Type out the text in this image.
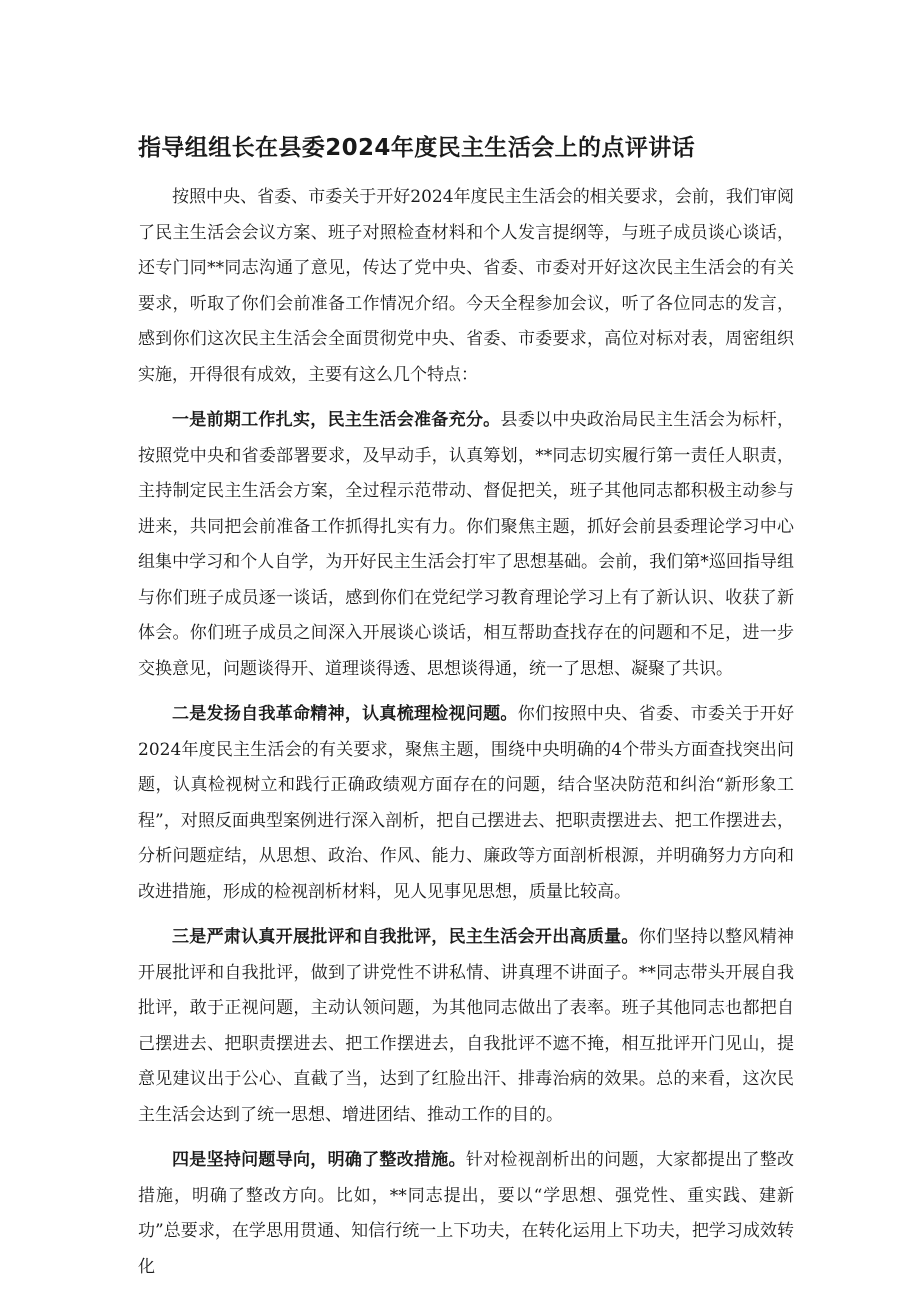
指导组组长在县委2024年度民主生活会上的点评讲话

按照中央、省委、市委关于开好2024年度民主生活会的相关要求，会前，我们审阅了民主生活会会议方案、班子对照检查材料和个人发言提纲等，与班子成员谈心谈话，还专门同**同志沟通了意见，传达了党中央、省委、市委对开好这次民主生活会的有关要求，听取了你们会前准备工作情况介绍。今天全程参加会议，听了各位同志的发言，感到你们这次民主生活会全面贯彻党中央、省委、市委要求，高位对标对表，周密组织实施，开得很有成效，主要有这么几个特点：

一是前期工作扎实，民主生活会准备充分。县委以中央政治局民主生活会为标杆，按照党中央和省委部署要求，及早动手，认真筹划，**同志切实履行第一责任人职责，主持制定民主生活会方案，全过程示范带动、督促把关，班子其他同志都积极主动参与进来，共同把会前准备工作抓得扎实有力。你们聚焦主题，抓好会前县委理论学习中心组集中学习和个人自学，为开好民主生活会打牢了思想基础。会前，我们第*巡回指导组与你们班子成员逐一谈话，感到你们在党纪学习教育理论学习上有了新认识、收获了新体会。你们班子成员之间深入开展谈心谈话，相互帮助查找存在的问题和不足，进一步交换意见，问题谈得开、道理谈得透、思想谈得通，统一了思想、凝聚了共识。

二是发扬自我革命精神，认真梳理检视问题。你们按照中央、省委、市委关于开好2024年度民主生活会的有关要求，聚焦主题，围绕中央明确的4个带头方面查找突出问题，认真检视树立和践行正确政绩观方面存在的问题，结合坚决防范和纠治“新形象工程”，对照反面典型案例进行深入剖析，把自己摆进去、把职责摆进去、把工作摆进去，分析问题症结，从思想、政治、作风、能力、廉政等方面剖析根源，并明确努力方向和改进措施，形成的检视剖析材料，见人见事见思想，质量比较高。

三是严肃认真开展批评和自我批评，民主生活会开出高质量。你们坚持以整风精神开展批评和自我批评，做到了讲党性不讲私情、讲真理不讲面子。**同志带头开展自我批评，敢于正视问题，主动认领问题，为其他同志做出了表率。班子其他同志也都把自己摆进去、把职责摆进去、把工作摆进去，自我批评不遮不掩，相互批评开门见山，提意见建议出于公心、直截了当，达到了红脸出汗、排毒治病的效果。总的来看，这次民主生活会达到了统一思想、增进团结、推动工作的目的。

四是坚持问题导向，明确了整改措施。针对检视剖析出的问题，大家都提出了整改措施，明确了整改方向。比如，**同志提出，要以“学思想、强党性、重实践、建新功”总要求，在学思用贯通、知信行统一上下功夫，在转化运用上下功夫，把学习成效转化
